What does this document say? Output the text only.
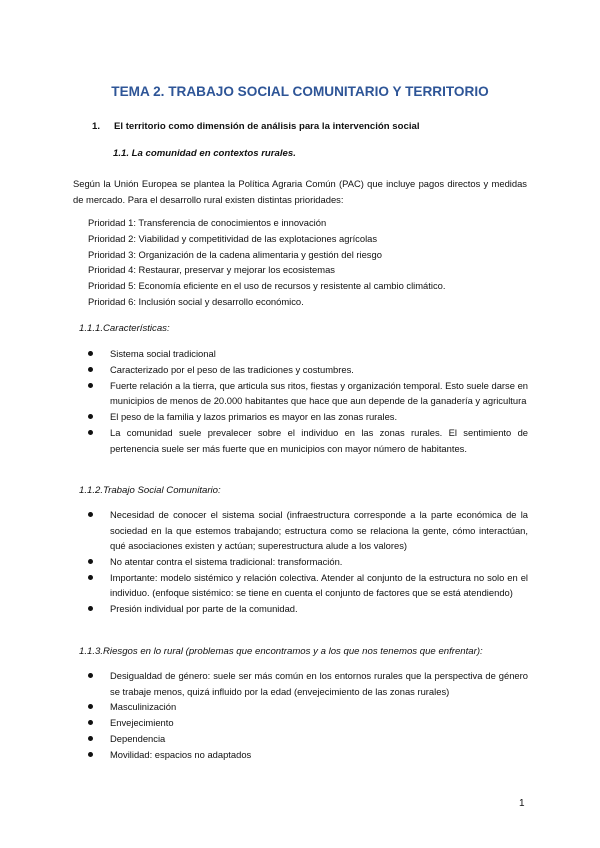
TEMA 2. TRABAJO SOCIAL COMUNITARIO Y TERRITORIO
1. El territorio como dimensión de análisis para la intervención social
1.1. La comunidad en contextos rurales.
Según la Unión Europea se plantea la Política Agraria Común (PAC) que incluye pagos directos y medidas de mercado. Para el desarrollo rural existen distintas prioridades:
Prioridad 1: Transferencia de conocimientos e innovación
Prioridad 2: Viabilidad y competitividad de las explotaciones agrícolas
Prioridad 3: Organización de la cadena alimentaria y gestión del riesgo
Prioridad 4: Restaurar, preservar y mejorar los ecosistemas
Prioridad 5: Economía eficiente en el uso de recursos y resistente al cambio climático.
Prioridad 6: Inclusión social y desarrollo económico.
1.1.1.Características:
Sistema social tradicional
Caracterizado por el peso de las tradiciones y costumbres.
Fuerte relación a la tierra, que articula sus ritos, fiestas y organización temporal. Esto suele darse en municipios de menos de 20.000 habitantes que hace que aun depende de la ganadería y agricultura
El peso de la familia y lazos primarios es mayor en las zonas rurales.
La comunidad suele prevalecer sobre el individuo en las zonas rurales. El sentimiento de pertenencia suele ser más fuerte que en municipios con mayor número de habitantes.
1.1.2.Trabajo Social Comunitario:
Necesidad de conocer el sistema social (infraestructura corresponde a la parte económica de la sociedad en la que estemos trabajando; estructura como se relaciona la gente, cómo interactúan, qué asociaciones existen y actúan; superestructura alude a los valores)
No atentar contra el sistema tradicional: transformación.
Importante: modelo sistémico y relación colectiva. Atender al conjunto de la estructura no solo en el individuo. (enfoque sistémico: se tiene en cuenta el conjunto de factores que se está atendiendo)
Presión individual por parte de la comunidad.
1.1.3.Riesgos en lo rural (problemas que encontramos y a los que nos tenemos que enfrentar):
Desigualdad de género: suele ser más común en los entornos rurales que la perspectiva de género se trabaje menos, quizá influido por la edad (envejecimiento de las zonas rurales)
Masculinización
Envejecimiento
Dependencia
Movilidad: espacios no adaptados
1
